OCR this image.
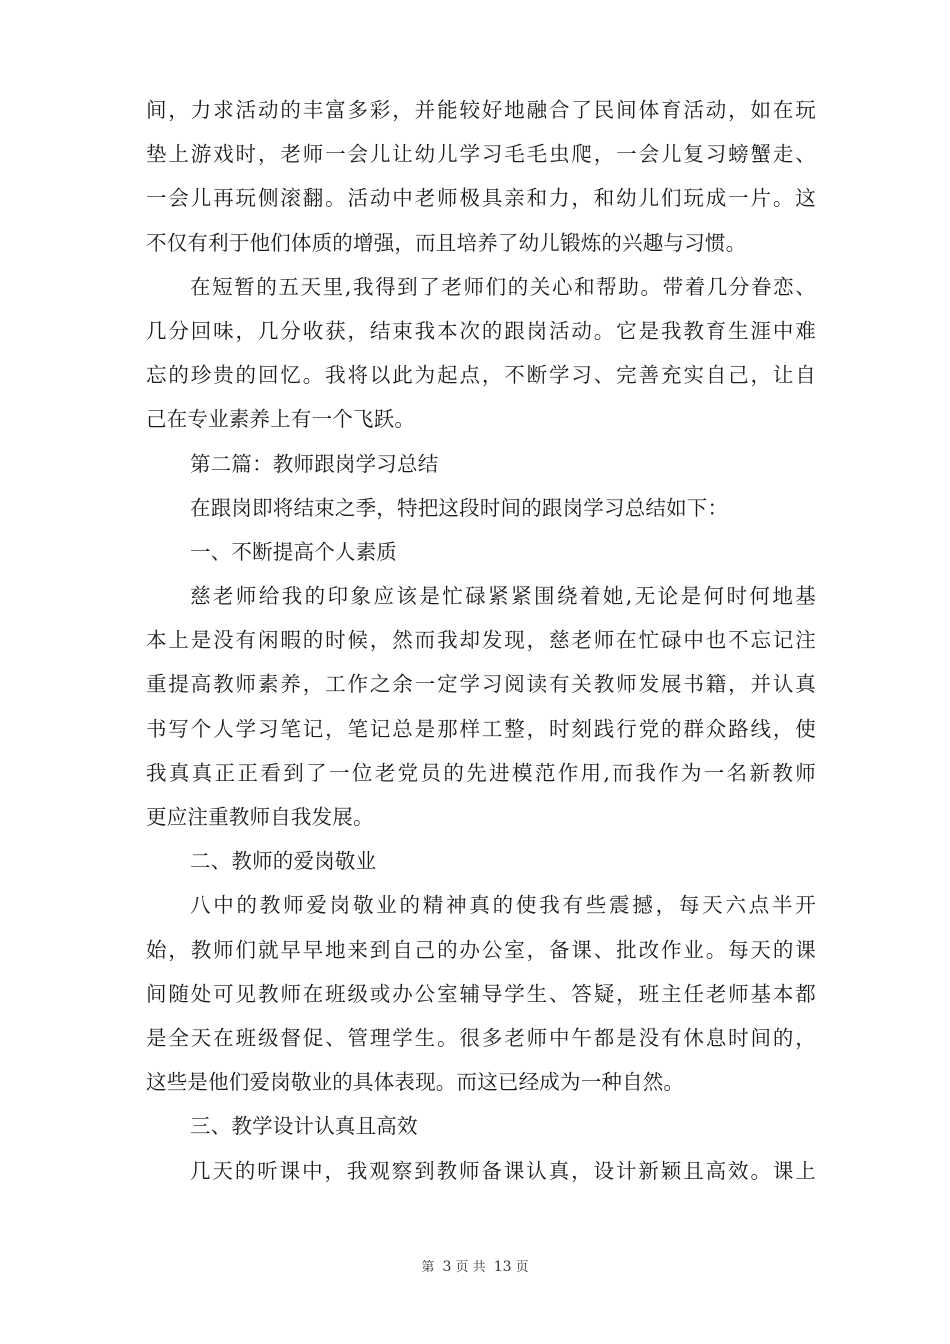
间，力求活动的丰富多彩，并能较好地融合了民间体育活动，如在玩
垫上游戏时，老师一会儿让幼儿学习毛毛虫爬，一会儿复习螃蟹走、
一会儿再玩侧滚翻。活动中老师极具亲和力，和幼儿们玩成一片。这
不仅有利于他们体质的增强，而且培养了幼儿锻炼的兴趣与习惯。
在短暂的五天里,我得到了老师们的关心和帮助。带着几分眷恋、
几分回味，几分收获，结束我本次的跟岗活动。它是我教育生涯中难
忘的珍贵的回忆。我将以此为起点，不断学习、完善充实自己，让自
己在专业素养上有一个飞跃。
第二篇：教师跟岗学习总结
在跟岗即将结束之季，特把这段时间的跟岗学习总结如下：
一、不断提高个人素质
慈老师给我的印象应该是忙碌紧紧围绕着她,无论是何时何地基
本上是没有闲暇的时候，然而我却发现，慈老师在忙碌中也不忘记注
重提高教师素养，工作之余一定学习阅读有关教师发展书籍，并认真
书写个人学习笔记，笔记总是那样工整，时刻践行党的群众路线，使
我真真正正看到了一位老党员的先进模范作用,而我作为一名新教师
更应注重教师自我发展。
二、教师的爱岗敬业
八中的教师爱岗敬业的精神真的使我有些震撼，每天六点半开
始，教师们就早早地来到自己的办公室，备课、批改作业。每天的课
间随处可见教师在班级或办公室辅导学生、答疑，班主任老师基本都
是全天在班级督促、管理学生。很多老师中午都是没有休息时间的，
这些是他们爱岗敬业的具体表现。而这已经成为一种自然。
三、教学设计认真且高效
几天的听课中，我观察到教师备课认真，设计新颖且高效。课上
第 3 页 共 13 页
